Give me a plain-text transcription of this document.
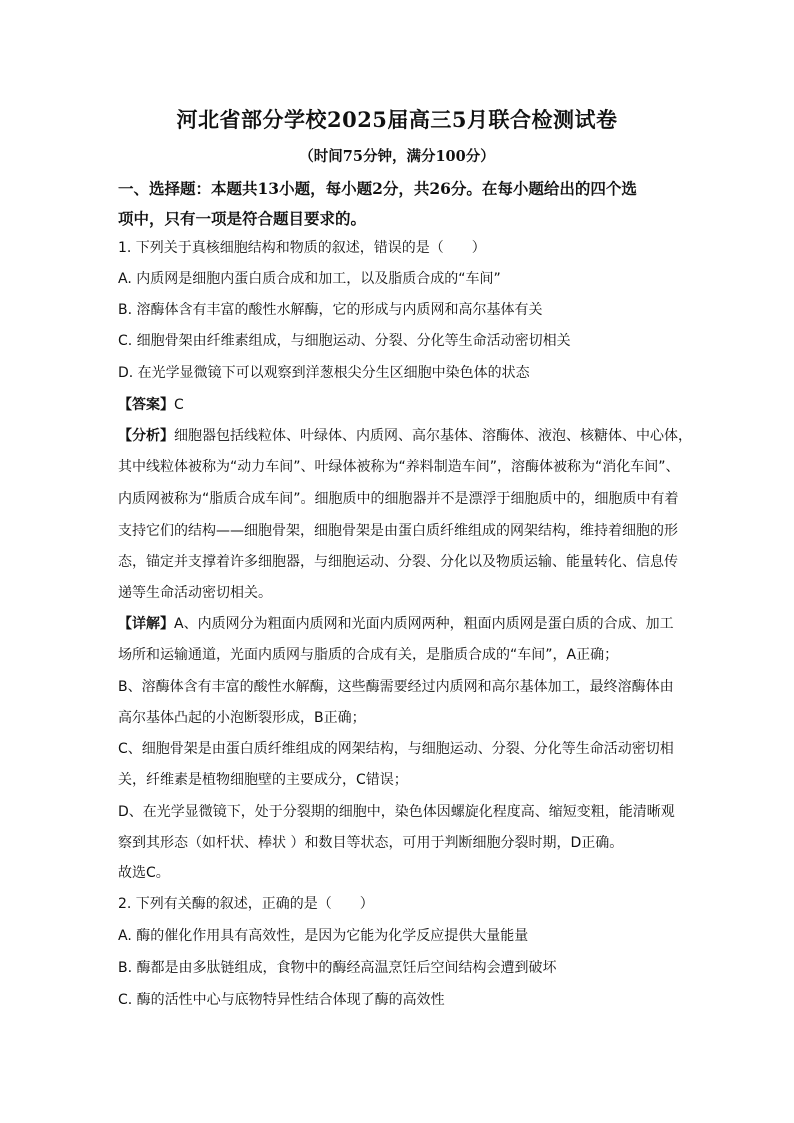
河北省部分学校2025届高三5月联合检测试卷
（时间75分钟，满分100分）
一、选择题：本题共13小题，每小题2分，共26分。在每小题给出的四个选
项中，只有一项是符合题目要求的。
1. 下列关于真核细胞结构和物质的叙述，错误的是（　　）
A. 内质网是细胞内蛋白质合成和加工，以及脂质合成的“车间”
B. 溶酶体含有丰富的酸性水解酶，它的形成与内质网和高尔基体有关
C. 细胞骨架由纤维素组成，与细胞运动、分裂、分化等生命活动密切相关
D. 在光学显微镜下可以观察到洋葱根尖分生区细胞中染色体的状态
【答案】C
【分析】细胞器包括线粒体、叶绿体、内质网、高尔基体、溶酶体、液泡、核糖体、中心体，
其中线粒体被称为“动力车间”、叶绿体被称为“养料制造车间”，溶酶体被称为“消化车间”、
内质网被称为“脂质合成车间”。细胞质中的细胞器并不是漂浮于细胞质中的，细胞质中有着
支持它们的结构——细胞骨架，细胞骨架是由蛋白质纤维组成的网架结构，维持着细胞的形
态，锚定并支撑着许多细胞器，与细胞运动、分裂、分化以及物质运输、能量转化、信息传
递等生命活动密切相关。
【详解】A、内质网分为粗面内质网和光面内质网两种，粗面内质网是蛋白质的合成、加工
场所和运输通道，光面内质网与脂质的合成有关，是脂质合成的“车间”，A正确；
B、溶酶体含有丰富的酸性水解酶，这些酶需要经过内质网和高尔基体加工，最终溶酶体由
高尔基体凸起的小泡断裂形成，B正确；
C、细胞骨架是由蛋白质纤维组成的网架结构，与细胞运动、分裂、分化等生命活动密切相
关，纤维素是植物细胞壁的主要成分，C错误；
D、在光学显微镜下，处于分裂期的细胞中，染色体因螺旋化程度高、缩短变粗，能清晰观
察到其形态（如杆状、棒状 ）和数目等状态，可用于判断细胞分裂时期，D正确。
故选C。
2. 下列有关酶的叙述，正确的是（　　）
A. 酶的催化作用具有高效性，是因为它能为化学反应提供大量能量
B. 酶都是由多肽链组成，食物中的酶经高温烹饪后空间结构会遭到破坏
C. 酶的活性中心与底物特异性结合体现了酶的高效性
